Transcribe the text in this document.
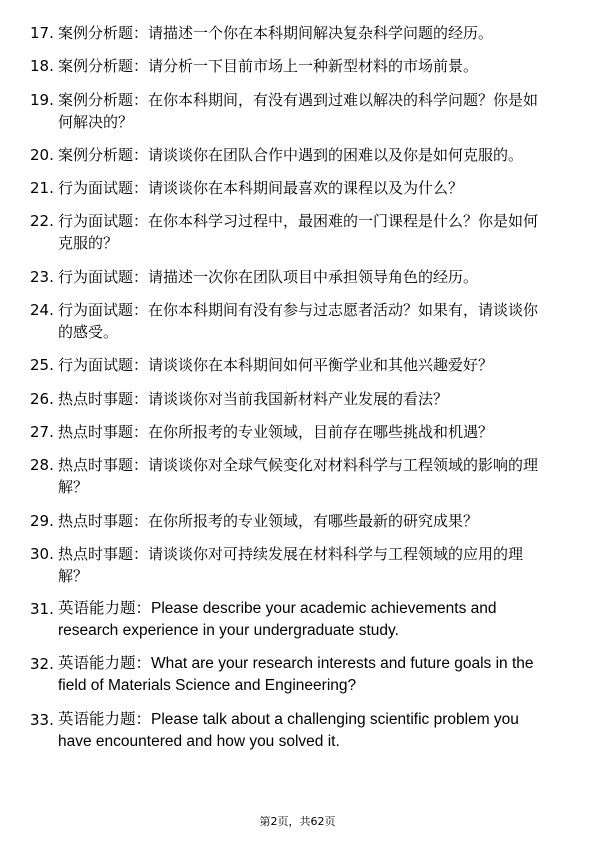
17. 案例分析题：请描述一个你在本科期间解决复杂科学问题的经历。
18. 案例分析题：请分析一下目前市场上一种新型材料的市场前景。
19. 案例分析题：在你本科期间，有没有遇到过难以解决的科学问题？你是如何解决的？
20. 案例分析题：请谈谈你在团队合作中遇到的困难以及你是如何克服的。
21. 行为面试题：请谈谈你在本科期间最喜欢的课程以及为什么？
22. 行为面试题：在你本科学习过程中，最困难的一门课程是什么？你是如何克服的？
23. 行为面试题：请描述一次你在团队项目中承担领导角色的经历。
24. 行为面试题：在你本科期间有没有参与过志愿者活动？如果有，请谈谈你的感受。
25. 行为面试题：请谈谈你在本科期间如何平衡学业和其他兴趣爱好？
26. 热点时事题：请谈谈你对当前我国新材料产业发展的看法？
27. 热点时事题：在你所报考的专业领域，目前存在哪些挑战和机遇？
28. 热点时事题：请谈谈你对全球气候变化对材料科学与工程领域的影响的理解？
29. 热点时事题：在你所报考的专业领域，有哪些最新的研究成果？
30. 热点时事题：请谈谈你对可持续发展在材料科学与工程领域的应用的理解？
31. 英语能力题：Please describe your academic achievements and research experience in your undergraduate study.
32. 英语能力题：What are your research interests and future goals in the field of Materials Science and Engineering?
33. 英语能力题：Please talk about a challenging scientific problem you have encountered and how you solved it.
第2页，共62页
